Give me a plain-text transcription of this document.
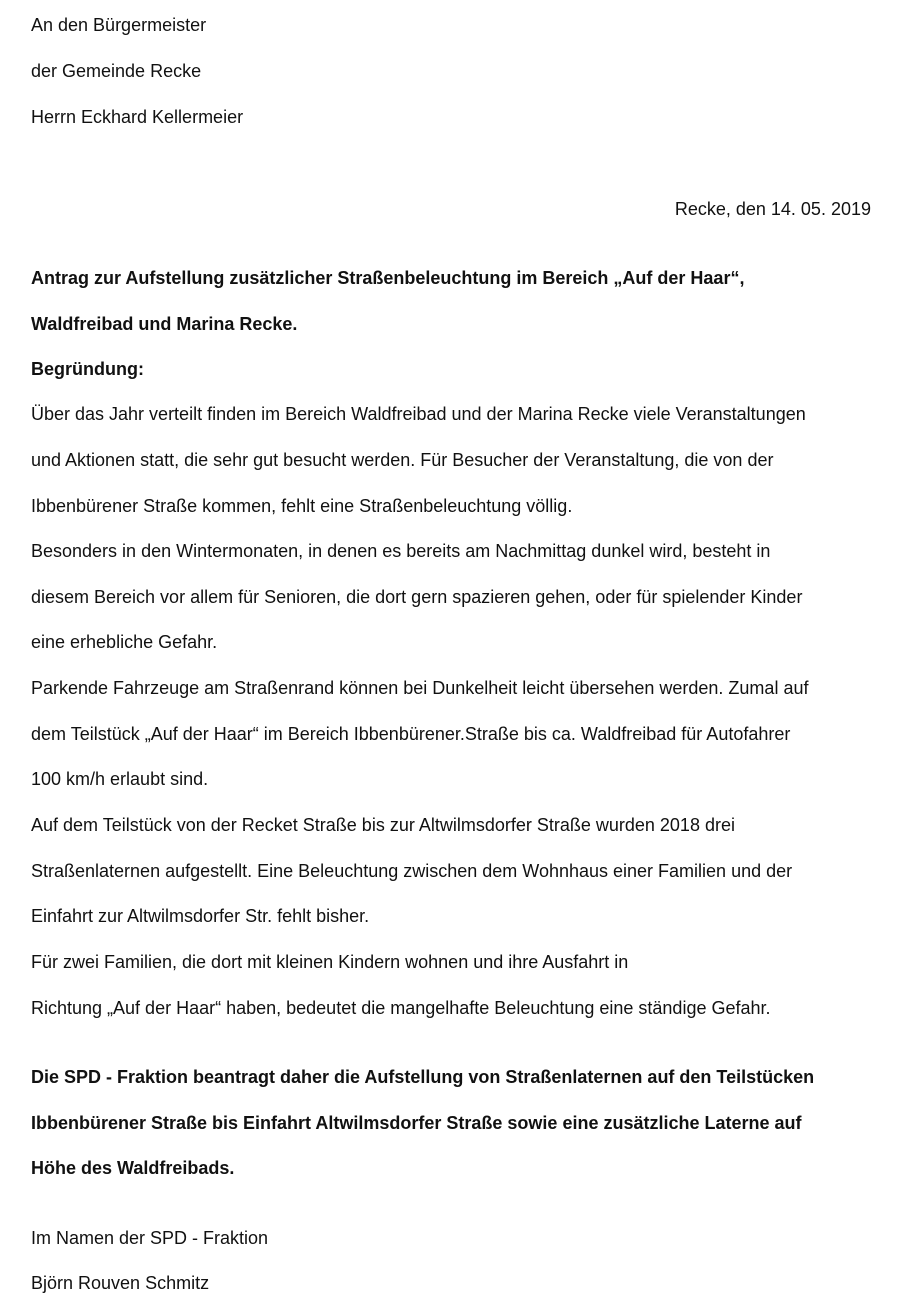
An den Bürgermeister
der Gemeinde Recke
Herrn Eckhard Kellermeier
Recke, den 14. 05. 2019
Antrag zur Aufstellung zusätzlicher Straßenbeleuchtung im Bereich „Auf der Haar“,
Waldfreibad und Marina Recke.
Begründung:
Über das Jahr verteilt finden im Bereich Waldfreibad und der Marina Recke viele Veranstaltungen
und Aktionen statt, die sehr gut besucht werden. Für Besucher der Veranstaltung, die von der
Ibbenbürener Straße kommen, fehlt eine Straßenbeleuchtung völlig.
Besonders in den Wintermonaten, in denen es bereits am Nachmittag dunkel wird, besteht in
diesem Bereich vor allem für Senioren, die dort gern spazieren gehen, oder für spielender Kinder
eine erhebliche Gefahr.
Parkende Fahrzeuge am Straßenrand können bei Dunkelheit leicht übersehen werden. Zumal auf
dem Teilstück „Auf der Haar“ im Bereich Ibbenbürener.Straße bis ca. Waldfreibad für Autofahrer
100 km/h erlaubt sind.
Auf dem Teilstück von der Recket Straße bis zur Altwilmsdorfer Straße wurden 2018 drei
Straßenlaternen aufgestellt. Eine Beleuchtung zwischen dem Wohnhaus einer Familien und der
Einfahrt zur Altwilmsdorfer Str. fehlt bisher.
Für zwei Familien, die dort mit kleinen Kindern wohnen und ihre Ausfahrt in
Richtung „Auf der Haar“ haben, bedeutet die mangelhafte Beleuchtung eine ständige Gefahr.
Die SPD - Fraktion beantragt daher die Aufstellung von Straßenlaternen auf den Teilstücken
Ibbenbürener Straße bis Einfahrt Altwilmsdorfer Straße sowie eine zusätzliche Laterne auf
Höhe des Waldfreibads.
Im Namen der SPD - Fraktion
Björn Rouven Schmitz
